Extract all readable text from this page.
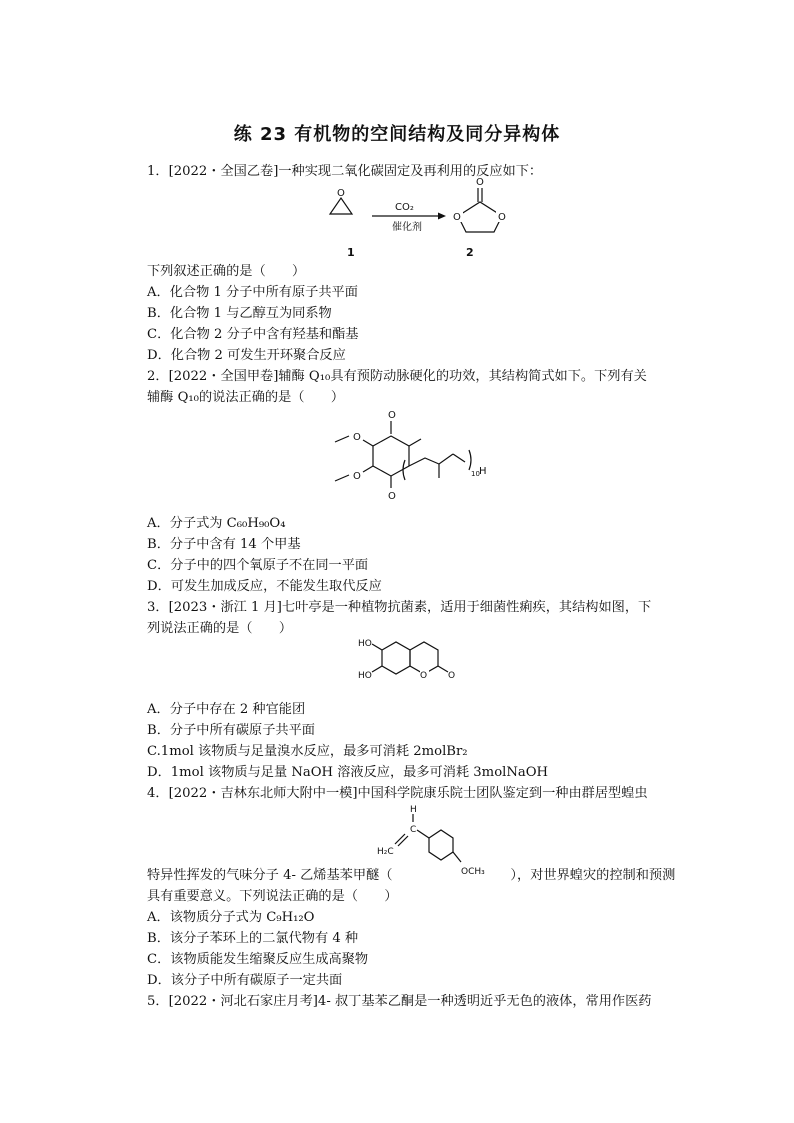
练 23 有机物的空间结构及同分异构体
1．[2022・全国乙卷]一种实现二氧化碳固定及再利用的反应如下：
O
CO₂
催化剂
O	O
O
1	2
下列叙述正确的是（　　）
A．化合物 1 分子中所有原子共平面
B．化合物 1 与乙醇互为同系物
C．化合物 2 分子中含有羟基和酯基
D．化合物 2 可发生开环聚合反应
2．[2022・全国甲卷]辅酶 Q₁₀具有预防动脉硬化的功效，其结构简式如下。下列有关
辅酶 Q₁₀的说法正确的是（　　）
O
O
O
O	10 H
A．分子式为 C₆₀H₉₀O₄
B．分子中含有 14 个甲基
C．分子中的四个氧原子不在同一平面
D．可发生加成反应，不能发生取代反应
3．[2023・浙江 1 月]七叶亭是一种植物抗菌素，适用于细菌性痢疾，其结构如图，下
列说法正确的是（　　）
O O
HO
HO
A．分子中存在 2 种官能团
B．分子中所有碳原子共平面
C.1mol 该物质与足量溴水反应，最多可消耗 2molBr₂
D．1mol 该物质与足量 NaOH 溶液反应，最多可消耗 3molNaOH
4．[2022・吉林东北师大附中一模]中国科学院康乐院士团队鉴定到一种由群居型蝗虫
H
C
H₂C
OCH₃
特异性挥发的气味分子 4- 乙烯基苯甲醚（	），对世界蝗灾的控制和预测
具有重要意义。下列说法正确的是（　　）
A．该物质分子式为 C₉H₁₂O
B．该分子苯环上的二氯代物有 4 种
C．该物质能发生缩聚反应生成高聚物
D．该分子中所有碳原子一定共面
5．[2022・河北石家庄月考]4- 叔丁基苯乙酮是一种透明近乎无色的液体，常用作医药
